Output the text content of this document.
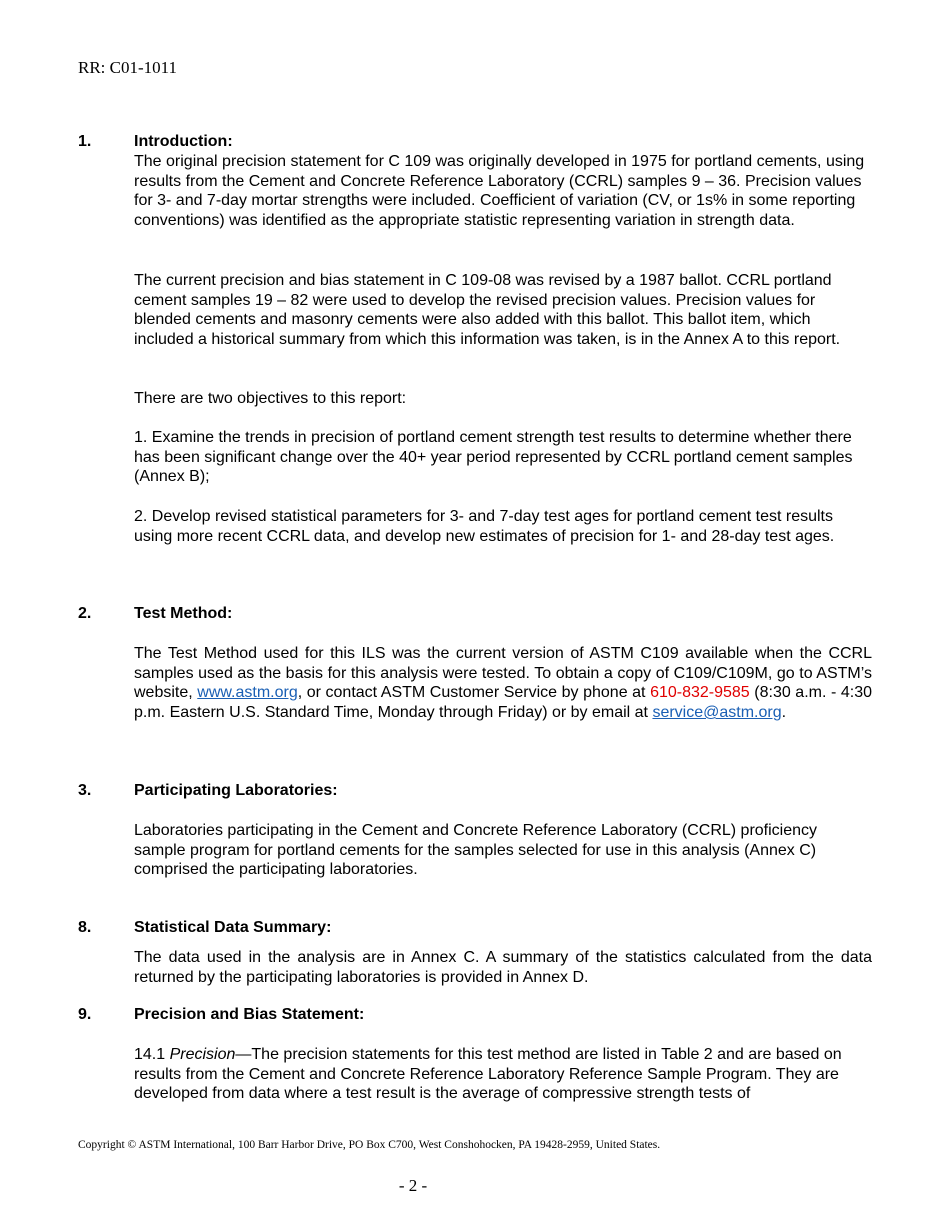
RR: C01-1011
1.	Introduction:
The original precision statement for C 109 was originally developed in 1975 for portland cements, using results from the Cement and Concrete Reference Laboratory (CCRL) samples 9 – 36. Precision values for 3- and 7-day mortar strengths were included. Coefficient of variation (CV, or 1s% in some reporting conventions) was identified as the appropriate statistic representing variation in strength data.
The current precision and bias statement in C 109-08 was revised by a 1987 ballot. CCRL portland cement samples 19 – 82 were used to develop the revised precision values. Precision values for blended cements and masonry cements were also added with this ballot. This ballot item, which included a historical summary from which this information was taken, is in the Annex A to this report.
There are two objectives to this report:
1. Examine the trends in precision of portland cement strength test results to determine whether there has been significant change over the 40+ year period represented by CCRL portland cement samples (Annex B);
2. Develop revised statistical parameters for 3- and 7-day test ages for portland cement test results using more recent CCRL data, and develop new estimates of precision for 1- and 28-day test ages.
2.	Test Method:
The Test Method used for this ILS was the current version of ASTM C109 available when the CCRL samples used as the basis for this analysis were tested. To obtain a copy of C109/C109M, go to ASTM’s website, www.astm.org, or contact ASTM Customer Service by phone at 610-832-9585 (8:30 a.m. - 4:30 p.m. Eastern U.S. Standard Time, Monday through Friday) or by email at service@astm.org.
3.	Participating Laboratories:
Laboratories participating in the Cement and Concrete Reference Laboratory (CCRL) proficiency sample program for portland cements for the samples selected for use in this analysis (Annex C) comprised the participating laboratories.
8.	Statistical Data Summary:
The data used in the analysis are in Annex C. A summary of the statistics calculated from the data returned by the participating laboratories is provided in Annex D.
9.	Precision and Bias Statement:
14.1 Precision—The precision statements for this test method are listed in Table 2 and are based on results from the Cement and Concrete Reference Laboratory Reference Sample Program. They are developed from data where a test result is the average of compressive strength tests of
Copyright © ASTM International, 100 Barr Harbor Drive, PO Box C700, West Conshohocken, PA 19428-2959, United States.
- 2 -
